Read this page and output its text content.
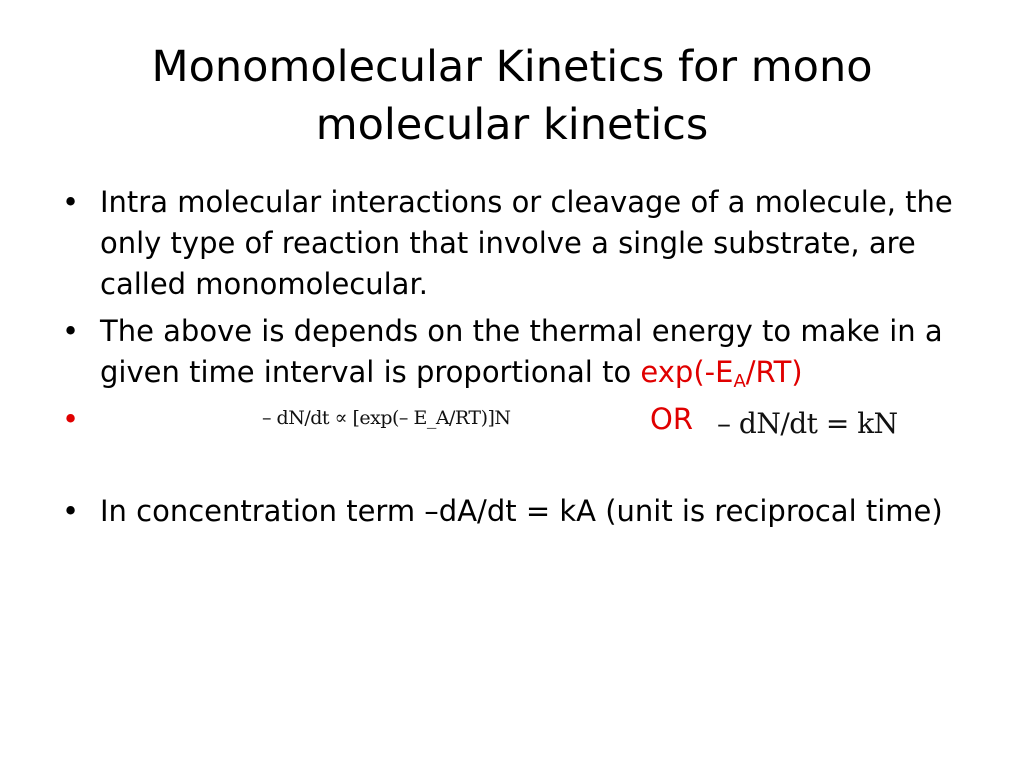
Monomolecular Kinetics for mono
molecular kinetics
• Intra molecular interactions or cleavage of a molecule, the only type of reaction that involve a single substrate, are called monomolecular.
• The above is depends on the thermal energy to make in a given time interval is proportional to $\exp(-E_A/RT)$
•	– dN/dt ∝ [exp(– E_A/RT)]N	OR – dN/dt = kN
• In concentration term –dA/dt = kA (unit is reciprocal time)
